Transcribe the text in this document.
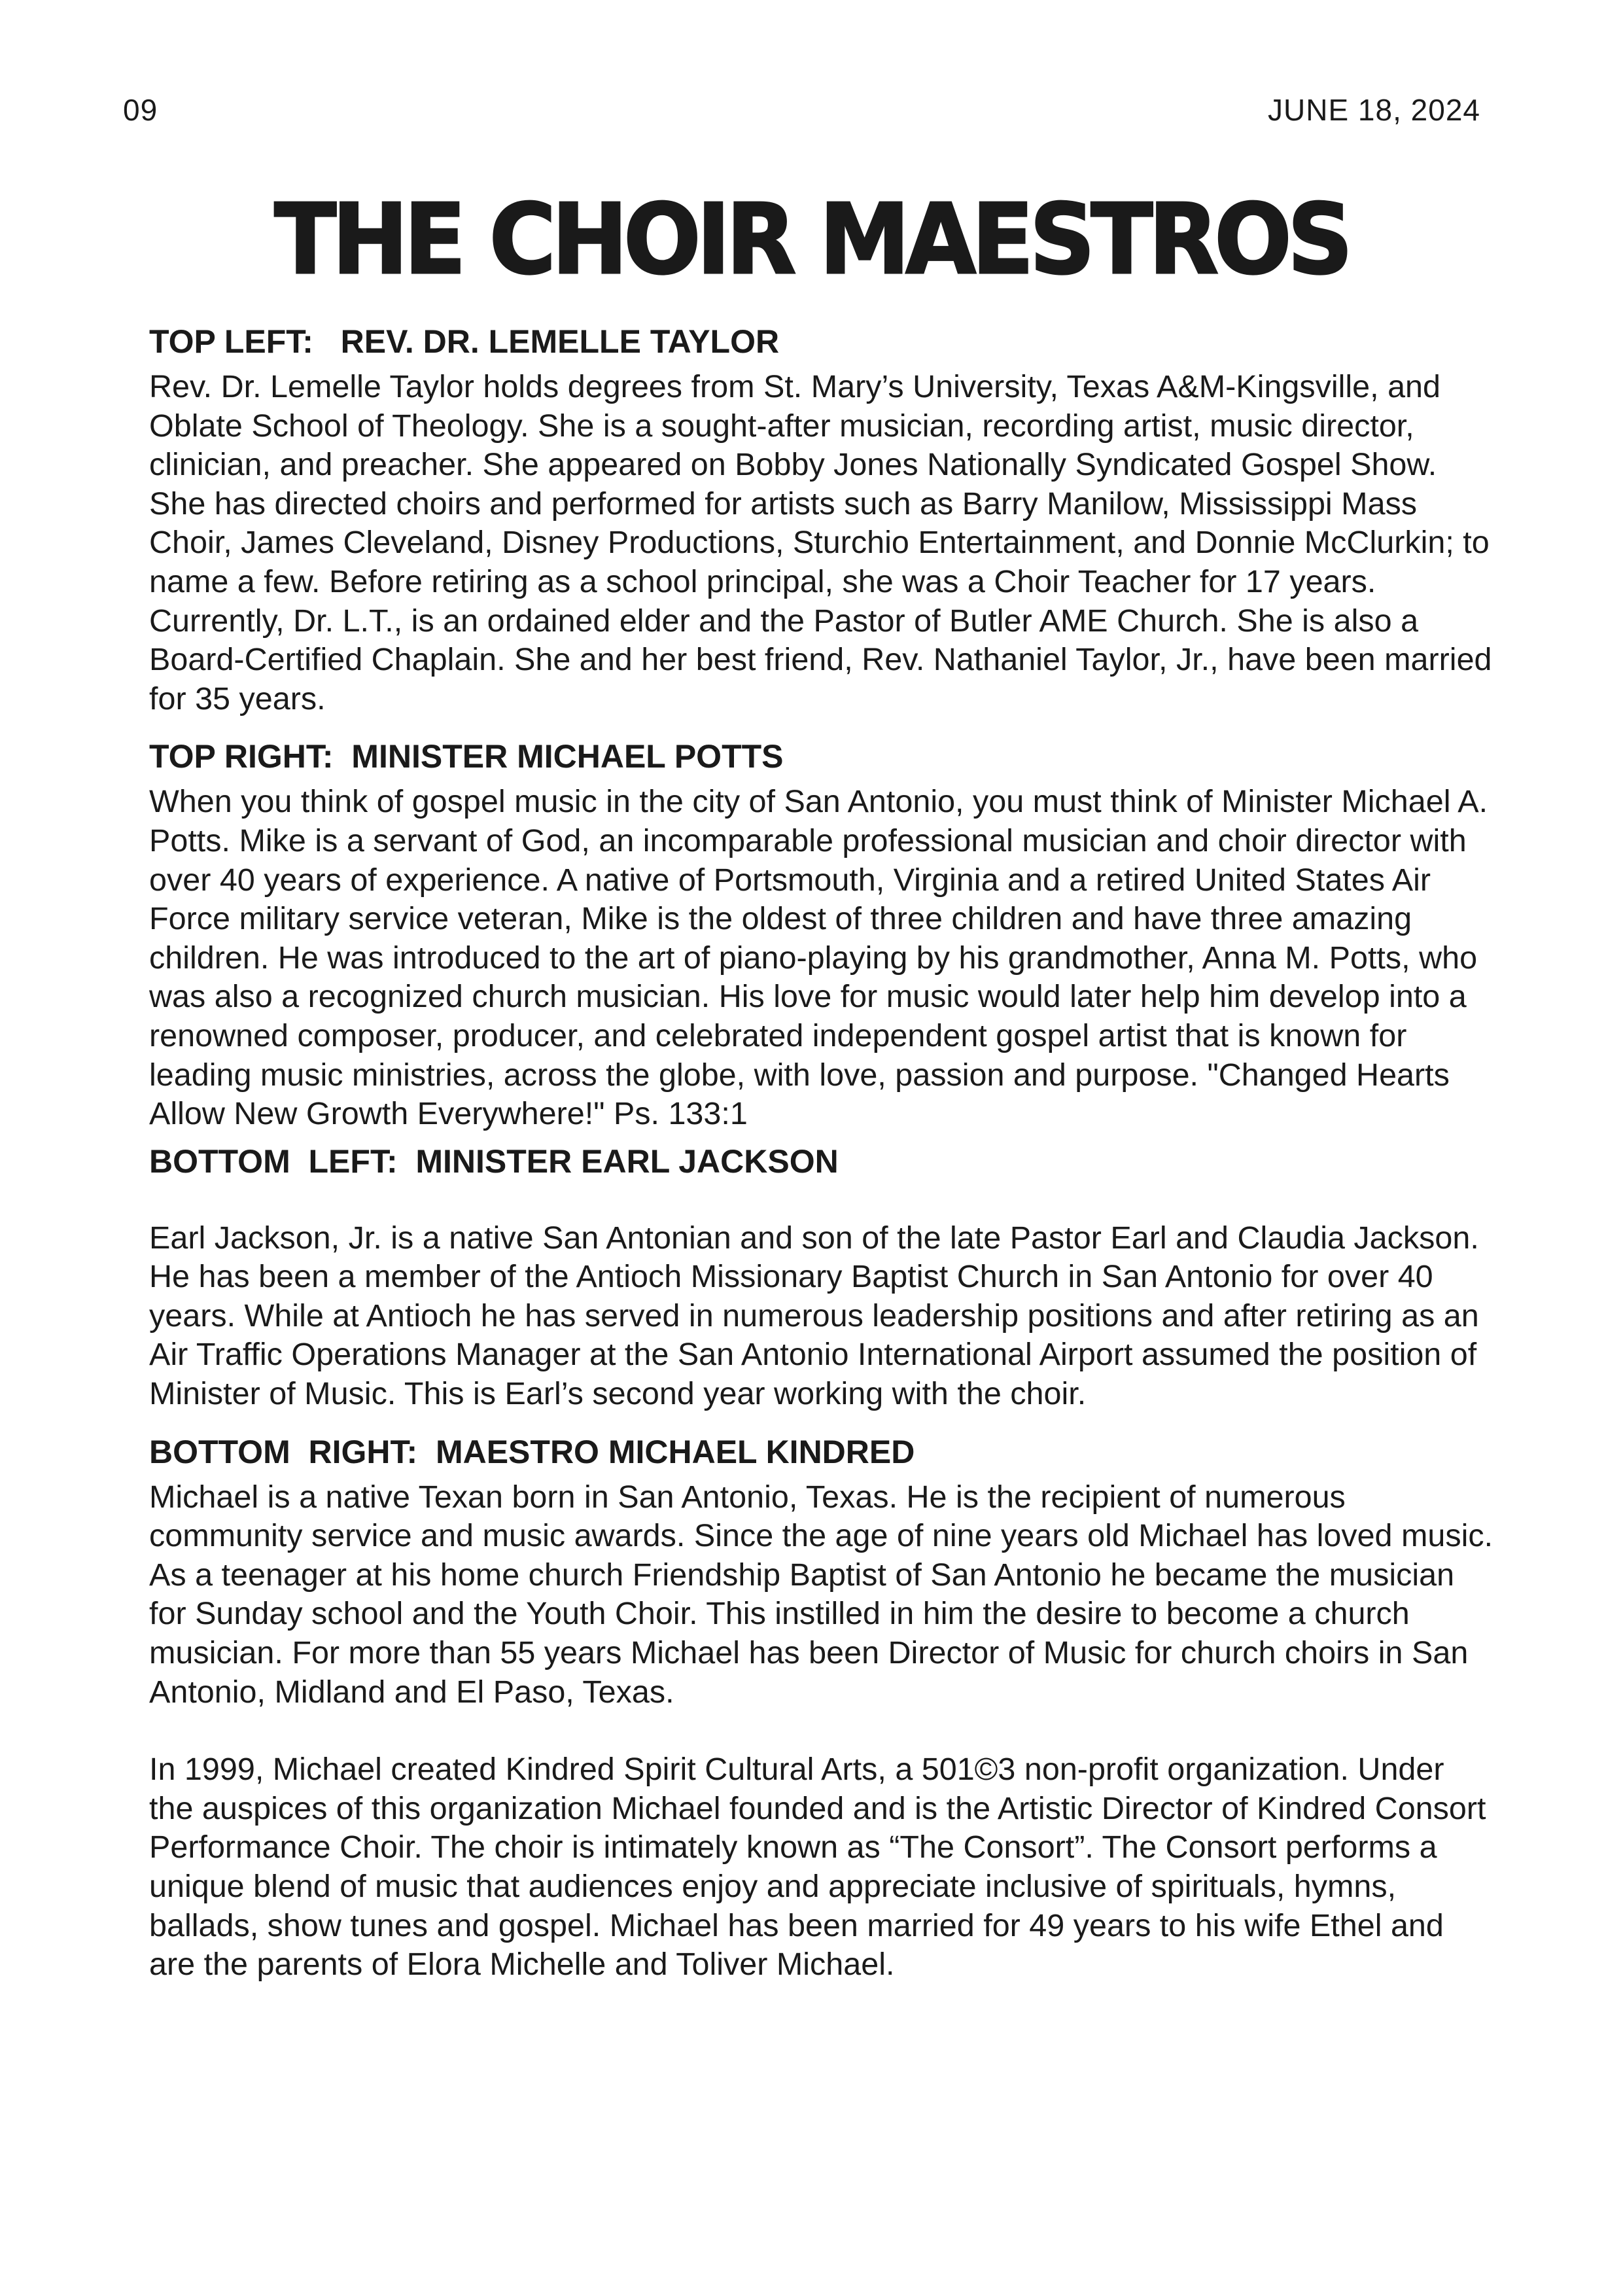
09	JUNE 18, 2024
THE CHOIR MAESTROS
TOP LEFT:   REV. DR. LEMELLE TAYLOR

Rev. Dr. Lemelle Taylor holds degrees from St. Mary’s University, Texas A&M-Kingsville, and Oblate School of Theology. She is a sought-after musician, recording artist, music director, clinician, and preacher. She appeared on Bobby Jones Nationally Syndicated Gospel Show. She has directed choirs and performed for artists such as Barry Manilow, Mississippi Mass Choir, James Cleveland, Disney Productions, Sturchio Entertainment, and Donnie McClurkin; to name a few. Before retiring as a school principal, she was a Choir Teacher for 17 years. Currently, Dr. L.T., is an ordained elder and the Pastor of Butler AME Church. She is also a Board-Certified Chaplain. She and her best friend, Rev. Nathaniel Taylor, Jr., have been married for 35 years.

TOP RIGHT:  MINISTER MICHAEL POTTS

When you think of gospel music in the city of San Antonio, you must think of Minister Michael A. Potts. Mike is a servant of God, an incomparable professional musician and choir director with over 40 years of experience. A native of Portsmouth, Virginia and a retired United States Air Force military service veteran, Mike is the oldest of three children and have three amazing children. He was introduced to the art of piano-playing by his grandmother, Anna M. Potts, who was also a recognized church musician. His love for music would later help him develop into a renowned composer, producer, and celebrated independent gospel artist that is known for leading music ministries, across the globe, with love, passion and purpose. "Changed Hearts Allow New Growth Everywhere!" Ps. 133:1

BOTTOM  LEFT:  MINISTER EARL JACKSON

Earl Jackson, Jr. is a native San Antonian and son of the late Pastor Earl and Claudia Jackson. He has been a member of the Antioch Missionary Baptist Church in San Antonio for over 40 years. While at Antioch he has served in numerous leadership positions and after retiring as an Air Traffic Operations Manager at the San Antonio International Airport assumed the position of Minister of Music. This is Earl’s second year working with the choir.

BOTTOM  RIGHT:  MAESTRO MICHAEL KINDRED

Michael is a native Texan born in San Antonio, Texas. He is the recipient of numerous community service and music awards. Since the age of nine years old Michael has loved music. As a teenager at his home church Friendship Baptist of San Antonio he became the musician for Sunday school and the Youth Choir. This instilled in him the desire to become a church musician. For more than 55 years Michael has been Director of Music for church choirs in San Antonio, Midland and El Paso, Texas.

In 1999, Michael created Kindred Spirit Cultural Arts, a 501©3 non-profit organization. Under the auspices of this organization Michael founded and is the Artistic Director of Kindred Consort Performance Choir. The choir is intimately known as “The Consort”. The Consort performs a unique blend of music that audiences enjoy and appreciate inclusive of spirituals, hymns, ballads, show tunes and gospel. Michael has been married for 49 years to his wife Ethel and are the parents of Elora Michelle and Toliver Michael.
